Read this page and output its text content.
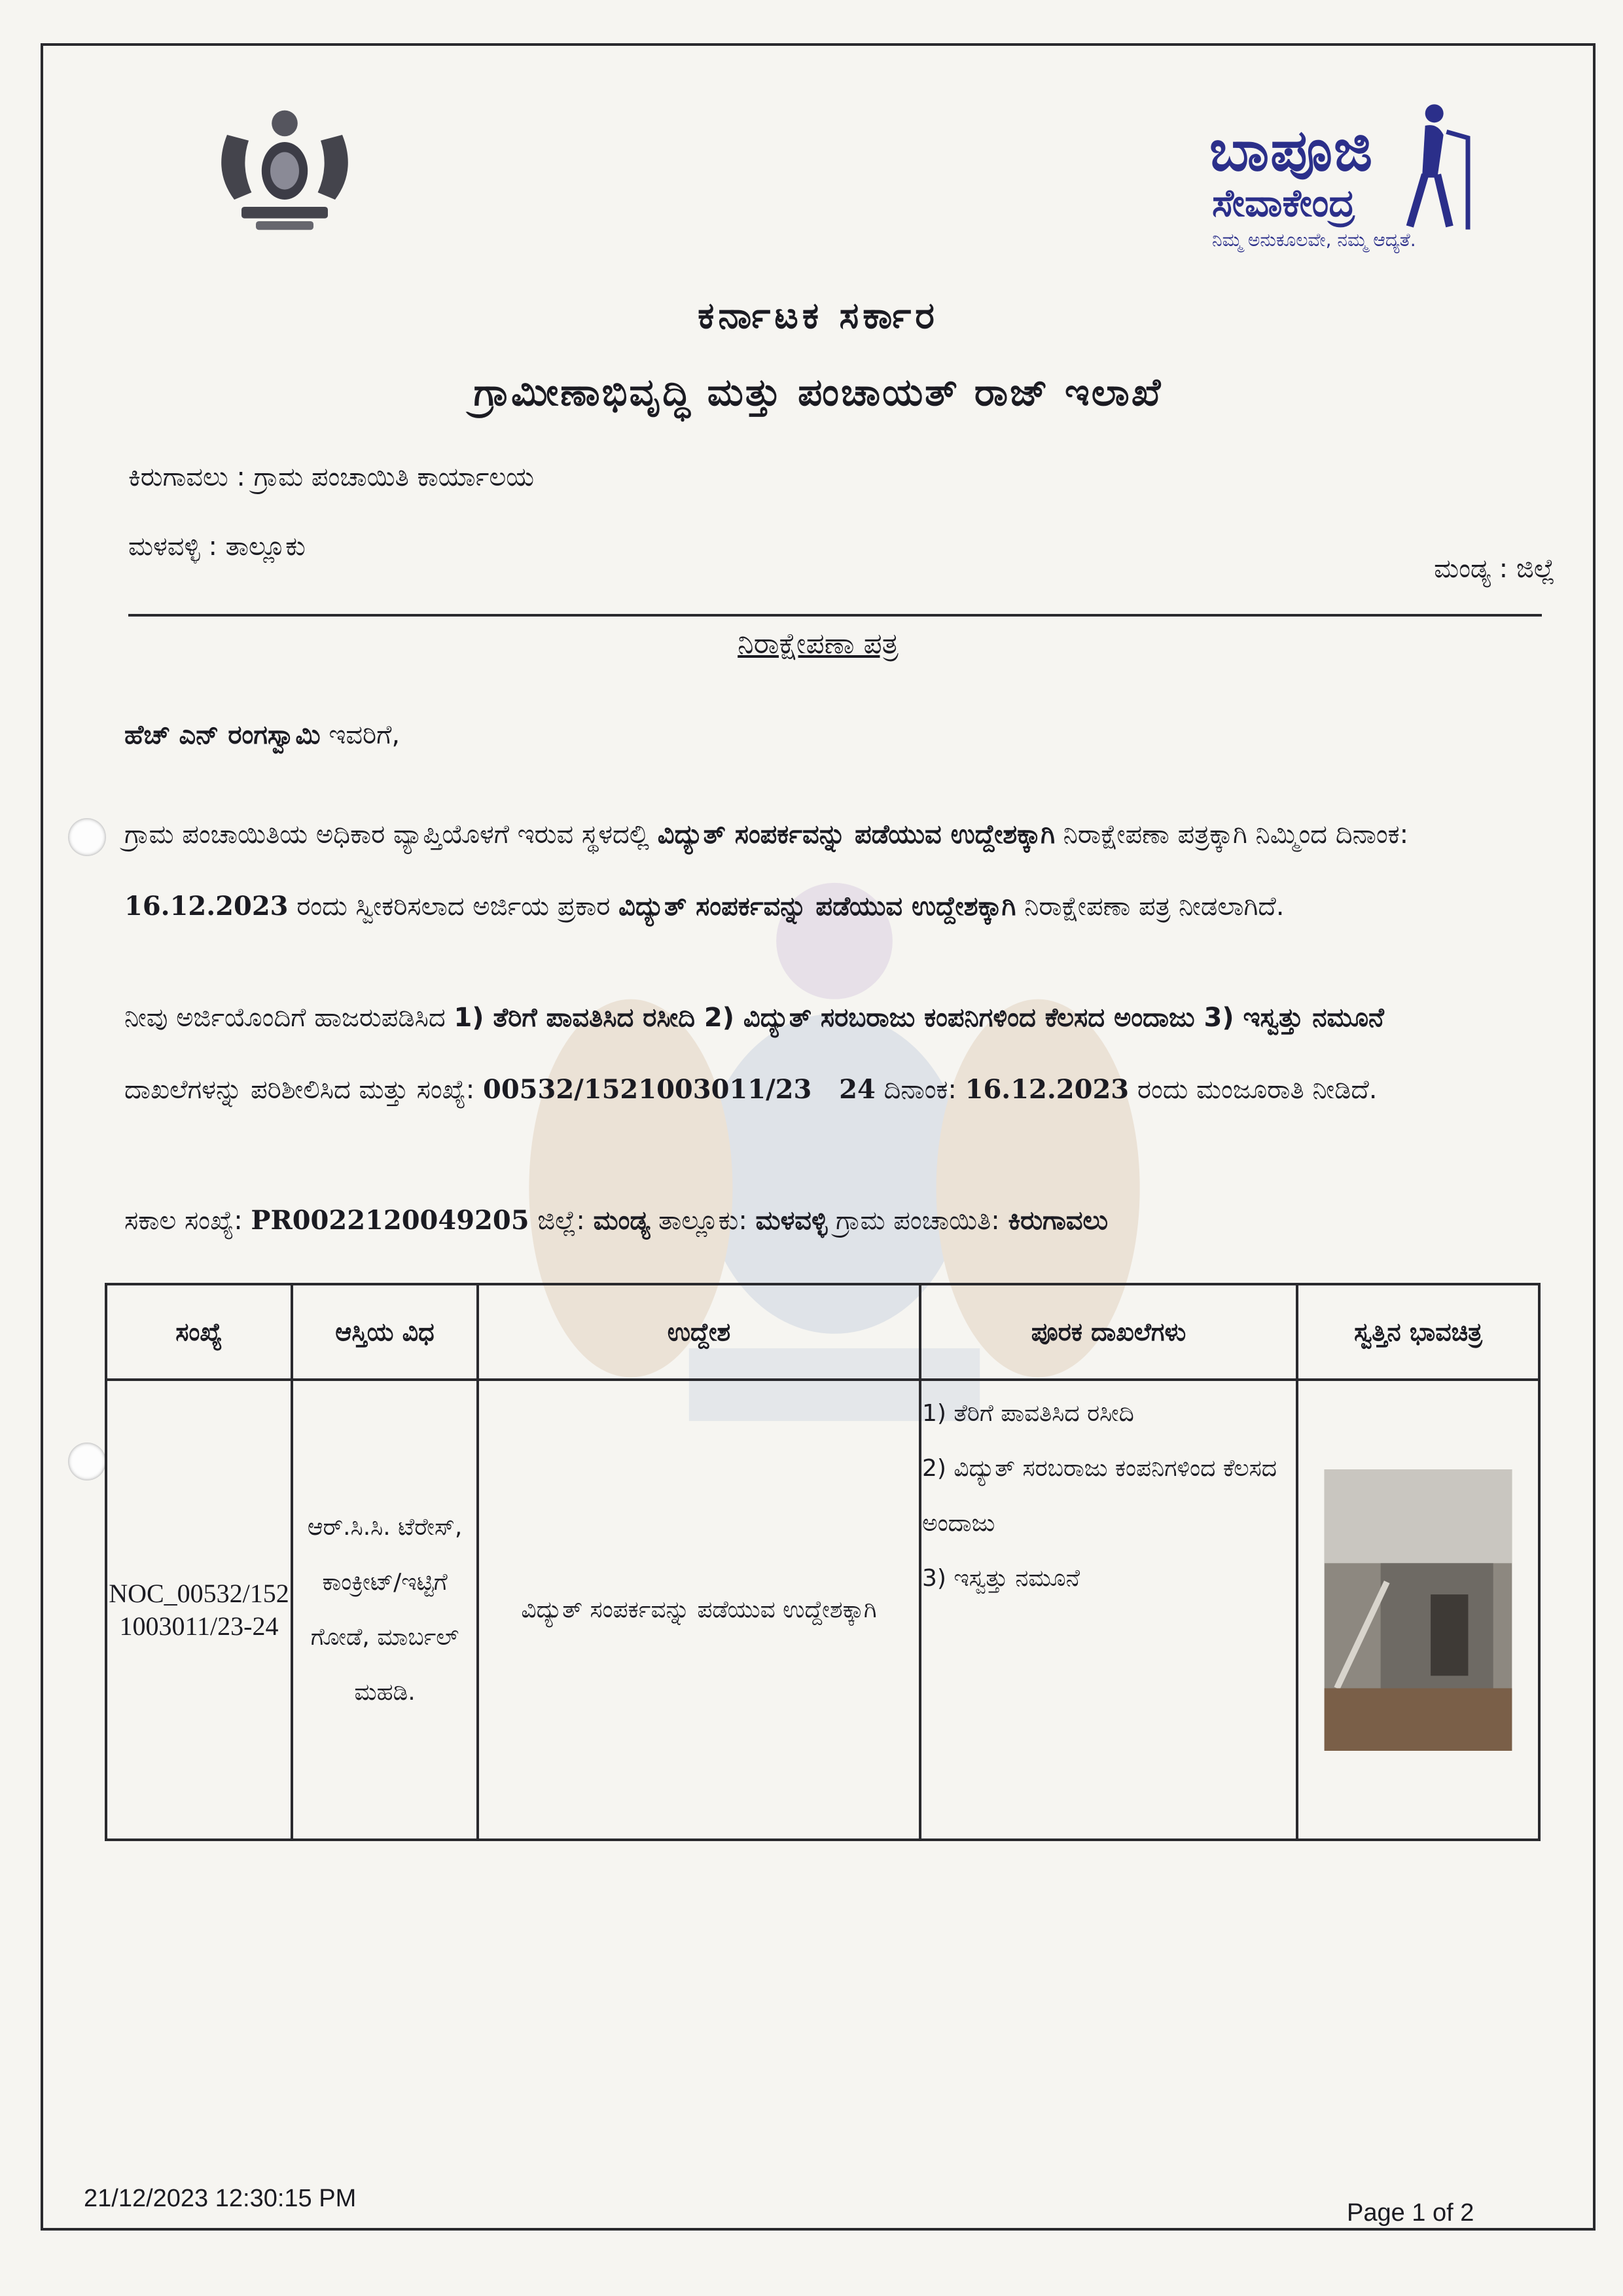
ಬಾಪೂಜಿ
ಸೇವಾಕೇಂದ್ರ
ನಿಮ್ಮ ಅನುಕೂಲವೇ, ನಮ್ಮ ಆದ್ಯತೆ.
ಕರ್ನಾಟಕ ಸರ್ಕಾರ
ಗ್ರಾಮೀಣಾಭಿವೃದ್ಧಿ ಮತ್ತು ಪಂಚಾಯತ್ ರಾಜ್ ಇಲಾಖೆ
ಕಿರುಗಾವಲು : ಗ್ರಾಮ ಪಂಚಾಯಿತಿ ಕಾರ್ಯಾಲಯ
ಮಳವಳ್ಳಿ : ತಾಲ್ಲೂಕು
ಮಂಡ್ಯ : ಜಿಲ್ಲೆ
ನಿರಾಕ್ಷೇಪಣಾ ಪತ್ರ
ಹೆಚ್ ಎನ್ ರಂಗಸ್ವಾಮಿ ಇವರಿಗೆ,
ಗ್ರಾಮ ಪಂಚಾಯಿತಿಯ ಅಧಿಕಾರ ವ್ಯಾಪ್ತಿಯೊಳಗೆ ಇರುವ ಸ್ಥಳದಲ್ಲಿ ವಿದ್ಯುತ್ ಸಂಪರ್ಕವನ್ನು ಪಡೆಯುವ ಉದ್ದೇಶಕ್ಕಾಗಿ ನಿರಾಕ್ಷೇಪಣಾ ಪತ್ರಕ್ಕಾಗಿ ನಿಮ್ಮಿಂದ ದಿನಾಂಕ: 16.12.2023 ರಂದು ಸ್ವೀಕರಿಸಲಾದ ಅರ್ಜಿಯ ಪ್ರಕಾರ ವಿದ್ಯುತ್ ಸಂಪರ್ಕವನ್ನು ಪಡೆಯುವ ಉದ್ದೇಶಕ್ಕಾಗಿ ನಿರಾಕ್ಷೇಪಣಾ ಪತ್ರ ನೀಡಲಾಗಿದೆ.
ನೀವು ಅರ್ಜಿಯೊಂದಿಗೆ ಹಾಜರುಪಡಿಸಿದ 1) ತೆರಿಗೆ ಪಾವತಿಸಿದ ರಸೀದಿ 2) ವಿದ್ಯುತ್ ಸರಬರಾಜು ಕಂಪನಿಗಳಿಂದ ಕೆಲಸದ ಅಂದಾಜು 3) ಇಸ್ವತ್ತು ನಮೂನೆ ದಾಖಲೆಗಳನ್ನು ಪರಿಶೀಲಿಸಿದ ಮತ್ತು ಸಂಖ್ಯೆ: 00532/1521003011/23   24 ದಿನಾಂಕ: 16.12.2023 ರಂದು ಮಂಜೂರಾತಿ ನೀಡಿದೆ.
ಸಕಾಲ ಸಂಖ್ಯೆ: PR0022120049205 ಜಿಲ್ಲೆ: ಮಂಡ್ಯ ತಾಲ್ಲೂಕು: ಮಳವಳ್ಳಿ ಗ್ರಾಮ ಪಂಚಾಯಿತಿ: ಕಿರುಗಾವಲು
ಸಂಖ್ಯೆ	ಆಸ್ತಿಯ ವಿಧ	ಉದ್ದೇಶ	ಪೂರಕ ದಾಖಲೆಗಳು	ಸ್ವತ್ತಿನ ಭಾವಚಿತ್ರ
NOC_00532/1521003011/23-24	ಆರ್.ಸಿ.ಸಿ. ಟೆರೇಸ್, ಕಾಂಕ್ರೀಟ್/ಇಟ್ಟಿಗೆ ಗೋಡೆ, ಮಾರ್ಬಲ್ ಮಹಡಿ.	ವಿದ್ಯುತ್ ಸಂಪರ್ಕವನ್ನು ಪಡೆಯುವ ಉದ್ದೇಶಕ್ಕಾಗಿ	1) ತೆರಿಗೆ ಪಾವತಿಸಿದ ರಸೀದಿ
2) ವಿದ್ಯುತ್ ಸರಬರಾಜು ಕಂಪನಿಗಳಿಂದ ಕೆಲಸದ ಅಂದಾಜು
3) ಇಸ್ವತ್ತು ನಮೂನೆ

21/12/2023 12:30:15 PM
Page 1 of 2
